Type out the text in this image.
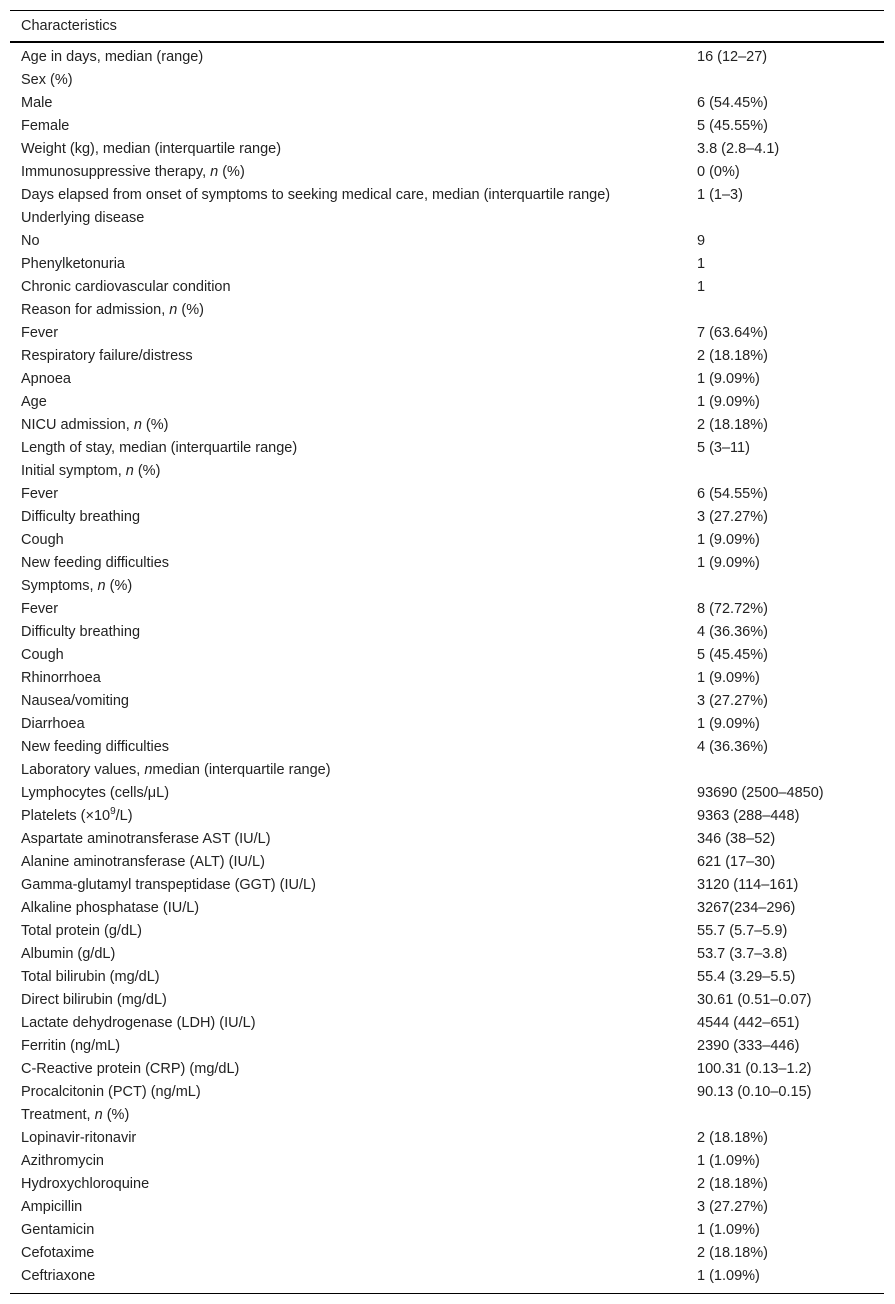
Characteristics
Age in days, median (range)	16 (12–27)
Sex (%)
Male	6 (54.45%)
Female	5 (45.55%)
Weight (kg), median (interquartile range)	3.8 (2.8–4.1)
Immunosuppressive therapy, n (%)	0 (0%)
Days elapsed from onset of symptoms to seeking medical care, median (interquartile range)	1 (1–3)
Underlying disease
No	9
Phenylketonuria	1
Chronic cardiovascular condition	1
Reason for admission, n (%)
Fever	7 (63.64%)
Respiratory failure/distress	2 (18.18%)
Apnoea	1 (9.09%)
Age	1 (9.09%)
NICU admission, n (%)	2 (18.18%)
Length of stay, median (interquartile range)	5 (3–11)
Initial symptom, n (%)
Fever	6 (54.55%)
Difficulty breathing	3 (27.27%)
Cough	1 (9.09%)
New feeding difficulties	1 (9.09%)
Symptoms, n (%)
Fever	8 (72.72%)
Difficulty breathing	4 (36.36%)
Cough	5 (45.45%)
Rhinorrhoea	1 (9.09%)
Nausea/vomiting	3 (27.27%)
Diarrhoea	1 (9.09%)
New feeding difficulties	4 (36.36%)
Laboratory values, nmedian (interquartile range)
Lymphocytes (cells/μL)	93690 (2500–4850)
Platelets $(\times 10^9/L)$	9363 (288–448)
Aspartate aminotransferase AST (IU/L)	346 (38–52)
Alanine aminotransferase (ALT) (IU/L)	621 (17–30)
Gamma-glutamyl transpeptidase (GGT) (IU/L)	3120 (114–161)
Alkaline phosphatase (IU/L)	3267(234–296)
Total protein (g/dL)	55.7 (5.7–5.9)
Albumin (g/dL)	53.7 (3.7–3.8)
Total bilirubin (mg/dL)	55.4 (3.29–5.5)
Direct bilirubin (mg/dL)	30.61 (0.51–0.07)
Lactate dehydrogenase (LDH) (IU/L)	4544 (442–651)
Ferritin (ng/mL)	2390 (333–446)
C-Reactive protein (CRP) (mg/dL)	100.31 (0.13–1.2)
Procalcitonin (PCT) (ng/mL)	90.13 (0.10–0.15)
Treatment, n (%)
Lopinavir-ritonavir	2 (18.18%)
Azithromycin	1 (1.09%)
Hydroxychloroquine	2 (18.18%)
Ampicillin	3 (27.27%)
Gentamicin	1 (1.09%)
Cefotaxime	2 (18.18%)
Ceftriaxone	1 (1.09%)
